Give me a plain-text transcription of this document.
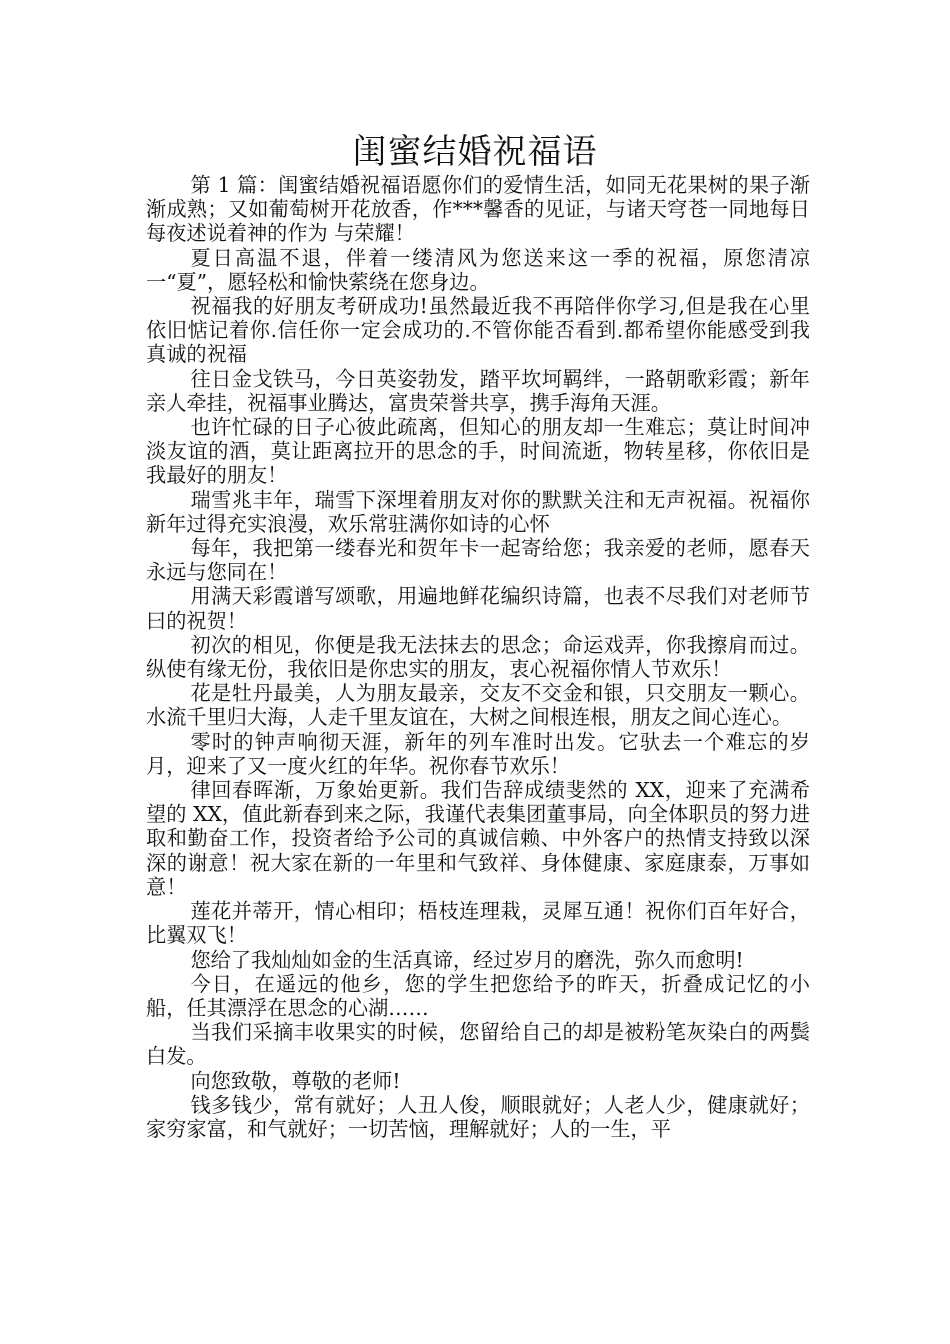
闺蜜结婚祝福语

第 1 篇：闺蜜结婚祝福语愿你们的爱情生活，如同无花果树的果子渐渐成熟；又如葡萄树开花放香，作***馨香的见证，与诸天穹苍一同地每日每夜述说着神的作为 与荣耀！

夏日高温不退，伴着一缕清风为您送来这一季的祝福，原您清凉一“夏”，愿轻松和愉快萦绕在您身边。

祝福我的好朋友考研成功!虽然最近我不再陪伴你学习,但是我在心里依旧惦记着你.信任你一定会成功的.不管你能否看到.都希望你能感受到我真诚的祝福

往日金戈铁马，今日英姿勃发，踏平坎坷羁绊，一路朝歌彩霞；新年亲人牵挂，祝福事业腾达，富贵荣誉共享，携手海角天涯。

也许忙碌的日子心彼此疏离，但知心的朋友却一生难忘；莫让时间冲淡友谊的酒，莫让距离拉开的思念的手，时间流逝，物转星移，你依旧是我最好的朋友！

瑞雪兆丰年，瑞雪下深埋着朋友对你的默默关注和无声祝福。祝福你新年过得充实浪漫，欢乐常驻满你如诗的心怀

每年，我把第一缕春光和贺年卡一起寄给您；我亲爱的老师，愿春天永远与您同在！

用满天彩霞谱写颂歌，用遍地鲜花编织诗篇，也表不尽我们对老师节曰的祝贺！

初次的相见，你便是我无法抹去的思念；命运戏弄，你我擦肩而过。纵使有缘无份，我依旧是你忠实的朋友，衷心祝福你情人节欢乐！

花是牡丹最美，人为朋友最亲，交友不交金和银，只交朋友一颗心。水流千里归大海，人走千里友谊在，大树之间根连根，朋友之间心连心。

零时的钟声响彻天涯，新年的列车准时出发。它驮去一个难忘的岁月，迎来了又一度火红的年华。祝你春节欢乐！

律回春晖渐，万象始更新。我们告辞成绩斐然的 XX，迎来了充满希望的 XX，值此新春到来之际，我谨代表集团董事局，向全体职员的努力进取和勤奋工作，投资者给予公司的真诚信赖、中外客户的热情支持致以深深的谢意！祝大家在新的一年里和气致祥、身体健康、家庭康泰，万事如意！

莲花并蒂开，情心相印；梧枝连理栽，灵犀互通！祝你们百年好合，比翼双飞！

您给了我灿灿如金的生活真谛，经过岁月的磨洗，弥久而愈明!

今日，在遥远的他乡，您的学生把您给予的昨天，折叠成记忆的小船，任其漂浮在思念的心湖……

当我们采摘丰收果实的时候，您留给自己的却是被粉笔灰染白的两鬓白发。

向您致敬，尊敬的老师!

钱多钱少，常有就好；人丑人俊，顺眼就好；人老人少，健康就好；家穷家富，和气就好；一切苦恼，理解就好；人的一生，平
